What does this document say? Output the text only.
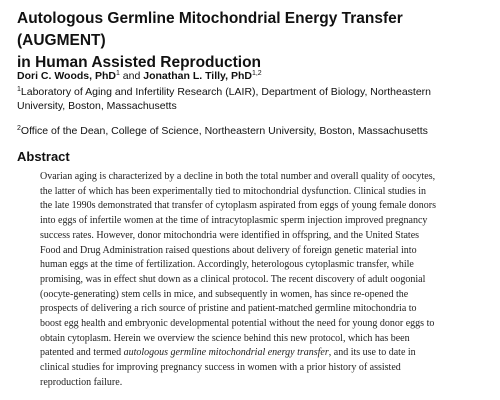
Autologous Germline Mitochondrial Energy Transfer (AUGMENT)
in Human Assisted Reproduction
Dori C. Woods, PhD$^1$ and Jonathan L. Tilly, PhD$^{1,2}$
$^1$Laboratory of Aging and Infertility Research (LAIR), Department of Biology, Northeastern
University, Boston, Massachusetts
$^2$Office of the Dean, College of Science, Northeastern University, Boston, Massachusetts
Abstract
Ovarian aging is characterized by a decline in both the total number and overall quality of oocytes,
the latter of which has been experimentally tied to mitochondrial dysfunction. Clinical studies in
the late 1990s demonstrated that transfer of cytoplasm aspirated from eggs of young female donors
into eggs of infertile women at the time of intracytoplasmic sperm injection improved pregnancy
success rates. However, donor mitochondria were identified in offspring, and the United States
Food and Drug Administration raised questions about delivery of foreign genetic material into
human eggs at the time of fertilization. Accordingly, heterologous cytoplasmic transfer, while
promising, was in effect shut down as a clinical protocol. The recent discovery of adult oogonial
(oocyte-generating) stem cells in mice, and subsequently in women, has since re-opened the
prospects of delivering a rich source of pristine and patient-matched germline mitochondria to
boost egg health and embryonic developmental potential without the need for young donor eggs to
obtain cytoplasm. Herein we overview the science behind this new protocol, which has been
patented and termed autologous germline mitochondrial energy transfer, and its use to date in
clinical studies for improving pregnancy success in women with a prior history of assisted
reproduction failure.
